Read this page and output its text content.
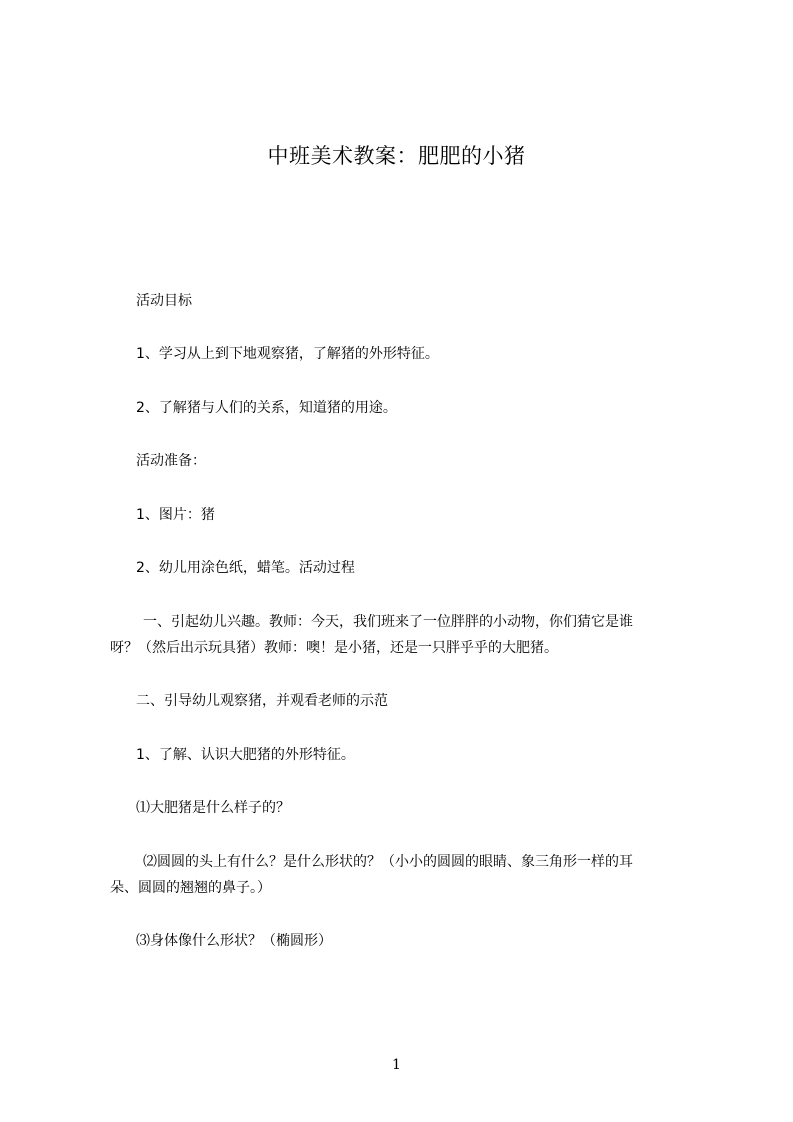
中班美术教案：肥肥的小猪
活动目标
1、学习从上到下地观察猪，了解猪的外形特征。
2、了解猪与人们的关系，知道猪的用途。
活动准备：
1、图片：猪
2、幼儿用涂色纸，蜡笔。活动过程
一、引起幼儿兴趣。教师：今天，我们班来了一位胖胖的小动物，你们猜它是谁
呀？（然后出示玩具猪）教师：噢！是小猪，还是一只胖乎乎的大肥猪。
二、引导幼儿观察猪，并观看老师的示范
1、了解、认识大肥猪的外形特征。
⑴大肥猪是什么样子的？
⑵圆圆的头上有什么？是什么形状的？（小小的圆圆的眼睛、象三角形一样的耳
朵、圆圆的翘翘的鼻子。）
⑶身体像什么形状？（椭圆形）
1
